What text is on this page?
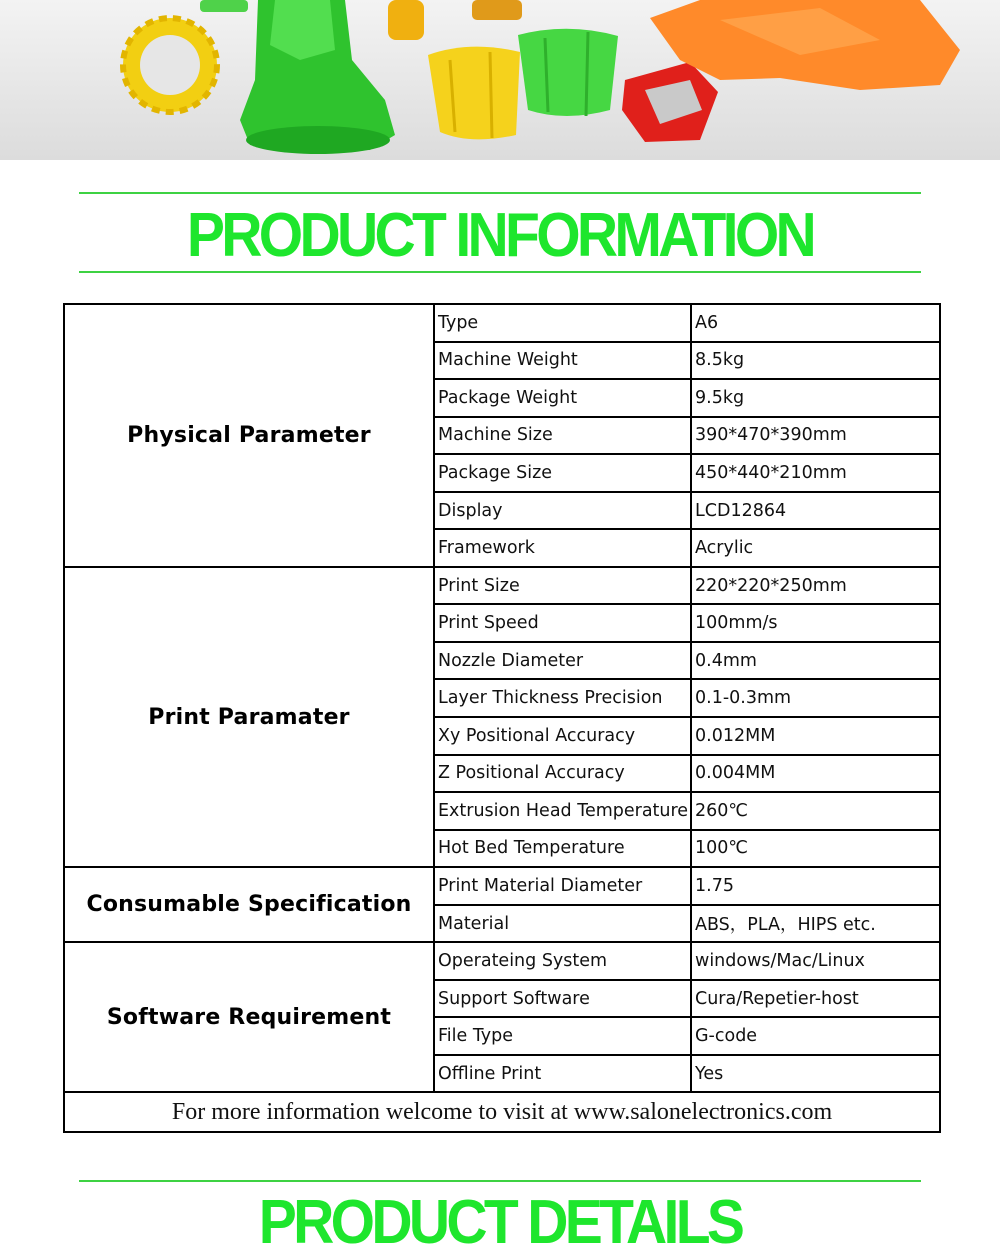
PRODUCT INFORMATION
Physical Parameter	Type	A6
	Machine Weight	8.5kg
	Package Weight	9.5kg
	Machine Size	390*470*390mm
	Package Size	450*440*210mm
	Display	LCD12864
	Framework	Acrylic
Print Paramater	Print Size	220*220*250mm
	Print Speed	100mm/s
	Nozzle Diameter	0.4mm
	Layer Thickness Precision	0.1-0.3mm
	Xy Positional Accuracy	0.012MM
	Z Positional Accuracy	0.004MM
	Extrusion Head Temperature	260℃
	Hot Bed Temperature	100℃
Consumable Specification	Print Material Diameter	1.75
	Material	ABS，PLA，HIPS etc.
Software Requirement	Operateing System	windows/Mac/Linux
	Support Software	Cura/Repetier-host
	File Type	G-code
	Offline Print	Yes
For more information welcome to visit at www.salonelectronics.com		
PRODUCT DETAILS
